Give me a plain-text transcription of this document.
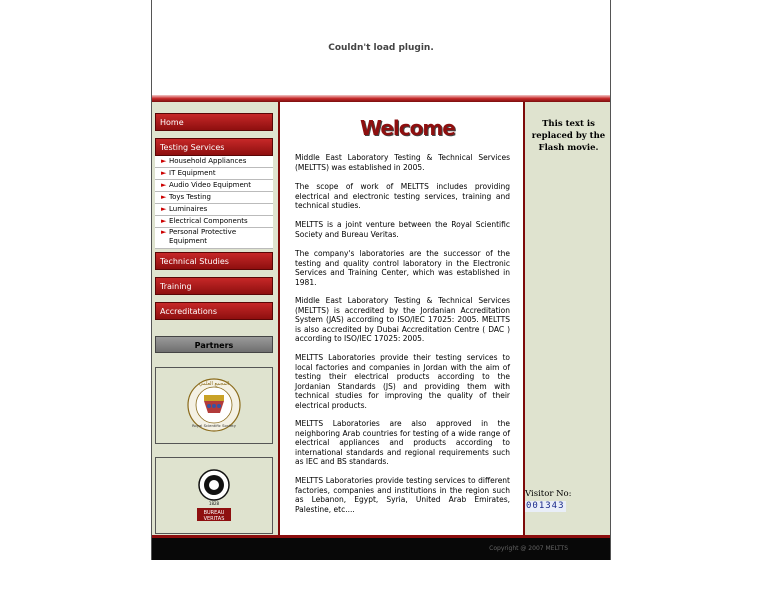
Couldn't load plugin.
Home
Testing Services
► Household Appliances
► IT Equipment
► Audio Video Equipment
► Toys Testing
► Luminaires
► Electrical Components
► Personal Protective Equipment
Technical Studies
Training
Accreditations
Partners
المجمع العلمي
Royal Scientific Society
1828
BUREAU
VERITAS
Welcome

Middle East Laboratory Testing & Technical Services (MELTTS) was established in 2005.

The scope of work of MELTTS includes providing electrical and electronic testing services, training and technical studies.

MELTTS is a joint venture between the Royal Scientific Society and Bureau Veritas.

The company's laboratories are the successor of the testing and quality control laboratory in the Electronic Services and Training Center, which was established in 1981.

Middle East Laboratory Testing & Technical Services (MELTTS) is accredited by the Jordanian Accreditation System (JAS) according to ISO/IEC 17025: 2005. MELTTS is also accredited by Dubai Accreditation Centre ( DAC ) according to ISO/IEC 17025: 2005.

MELTTS Laboratories provide their testing services to local factories and companies in Jordan with the aim of testing their electrical products according to the Jordanian Standards (JS) and providing them with technical studies for improving the quality of their electrical products.

MELTTS Laboratories are also approved in the neighboring Arab countries for testing of a wide range of electrical appliances and products according to international standards and regional requirements such as IEC and BS standards.

MELTTS Laboratories provide testing services to different factories, companies and institutions in the region such as Lebanon, Egypt, Syria, United Arab Emirates, Palestine, etc....

This text is replaced by the Flash movie.
Visitor No:
001343
Copyright @ 2007 MELTTS
